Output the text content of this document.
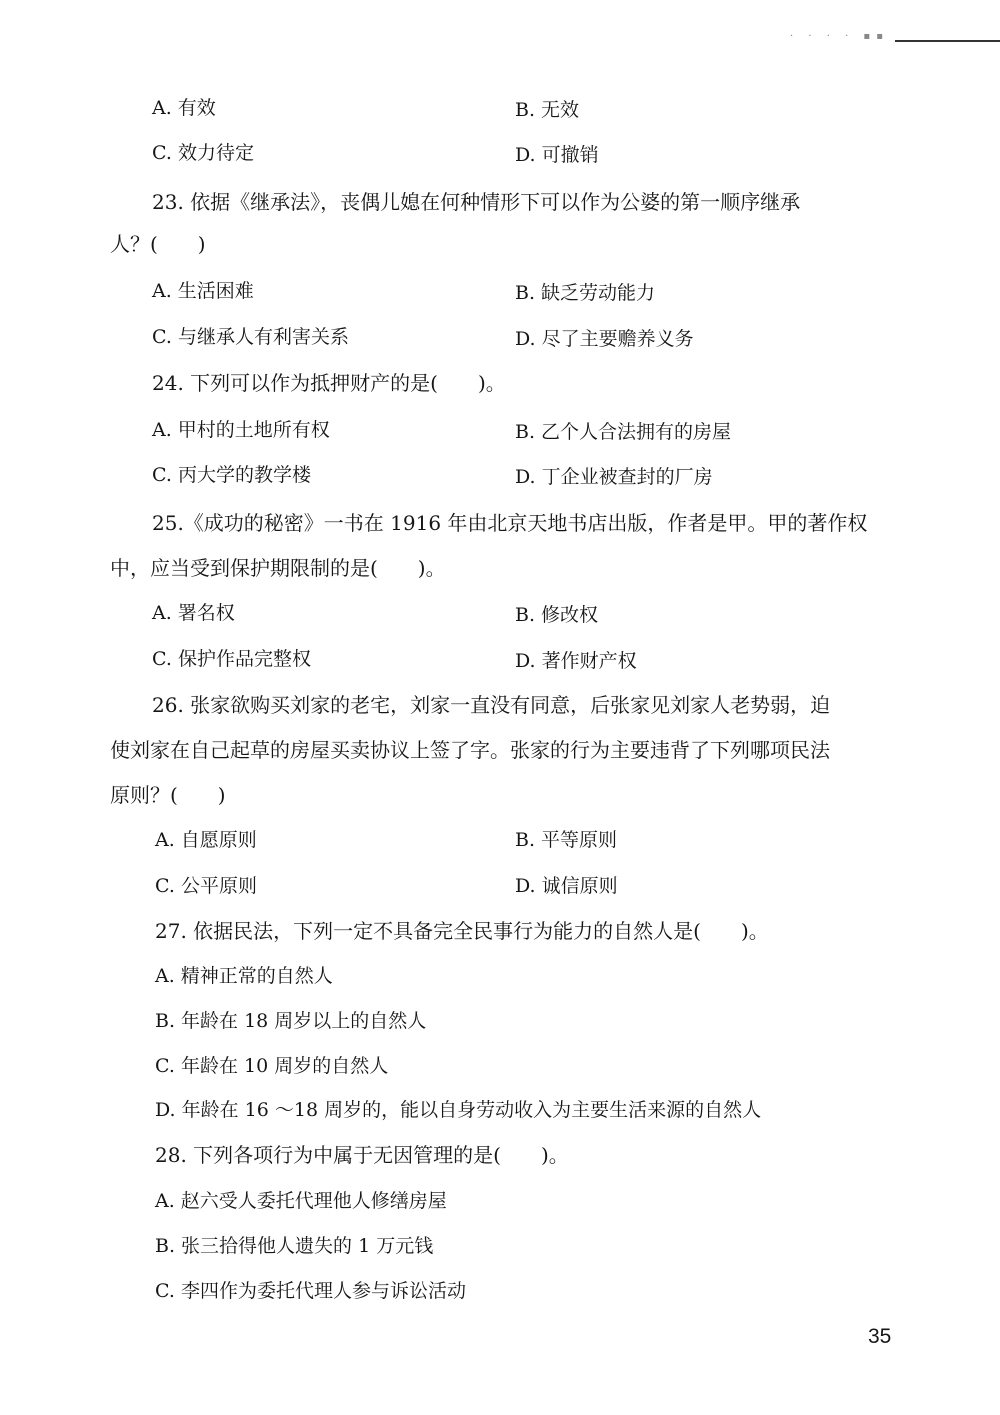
· · · · ▪▪
A. 有效	B. 无效
C. 效力待定	D. 可撤销
23. 依据《继承法》，丧偶儿媳在何种情形下可以作为公婆的第一顺序继承
人？(　　)
A. 生活困难	B. 缺乏劳动能力
C. 与继承人有利害关系	D. 尽了主要赡养义务
24. 下列可以作为抵押财产的是(　　)。
A. 甲村的土地所有权	B. 乙个人合法拥有的房屋
C. 丙大学的教学楼	D. 丁企业被查封的厂房
25.《成功的秘密》一书在 1916 年由北京天地书店出版，作者是甲。甲的著作权
中，应当受到保护期限制的是(　　)。
A. 署名权	B. 修改权
C. 保护作品完整权	D. 著作财产权
26. 张家欲购买刘家的老宅，刘家一直没有同意，后张家见刘家人老势弱，迫
使刘家在自己起草的房屋买卖协议上签了字。张家的行为主要违背了下列哪项民法
原则？(　　)
A. 自愿原则	B. 平等原则
C. 公平原则	D. 诚信原则
27. 依据民法，下列一定不具备完全民事行为能力的自然人是(　　)。
A. 精神正常的自然人
B. 年龄在 18 周岁以上的自然人
C. 年龄在 10 周岁的自然人
D. 年龄在 16 ～18 周岁的，能以自身劳动收入为主要生活来源的自然人
28. 下列各项行为中属于无因管理的是(　　)。
A. 赵六受人委托代理他人修缮房屋
B. 张三拾得他人遗失的 1 万元钱
C. 李四作为委托代理人参与诉讼活动
35
